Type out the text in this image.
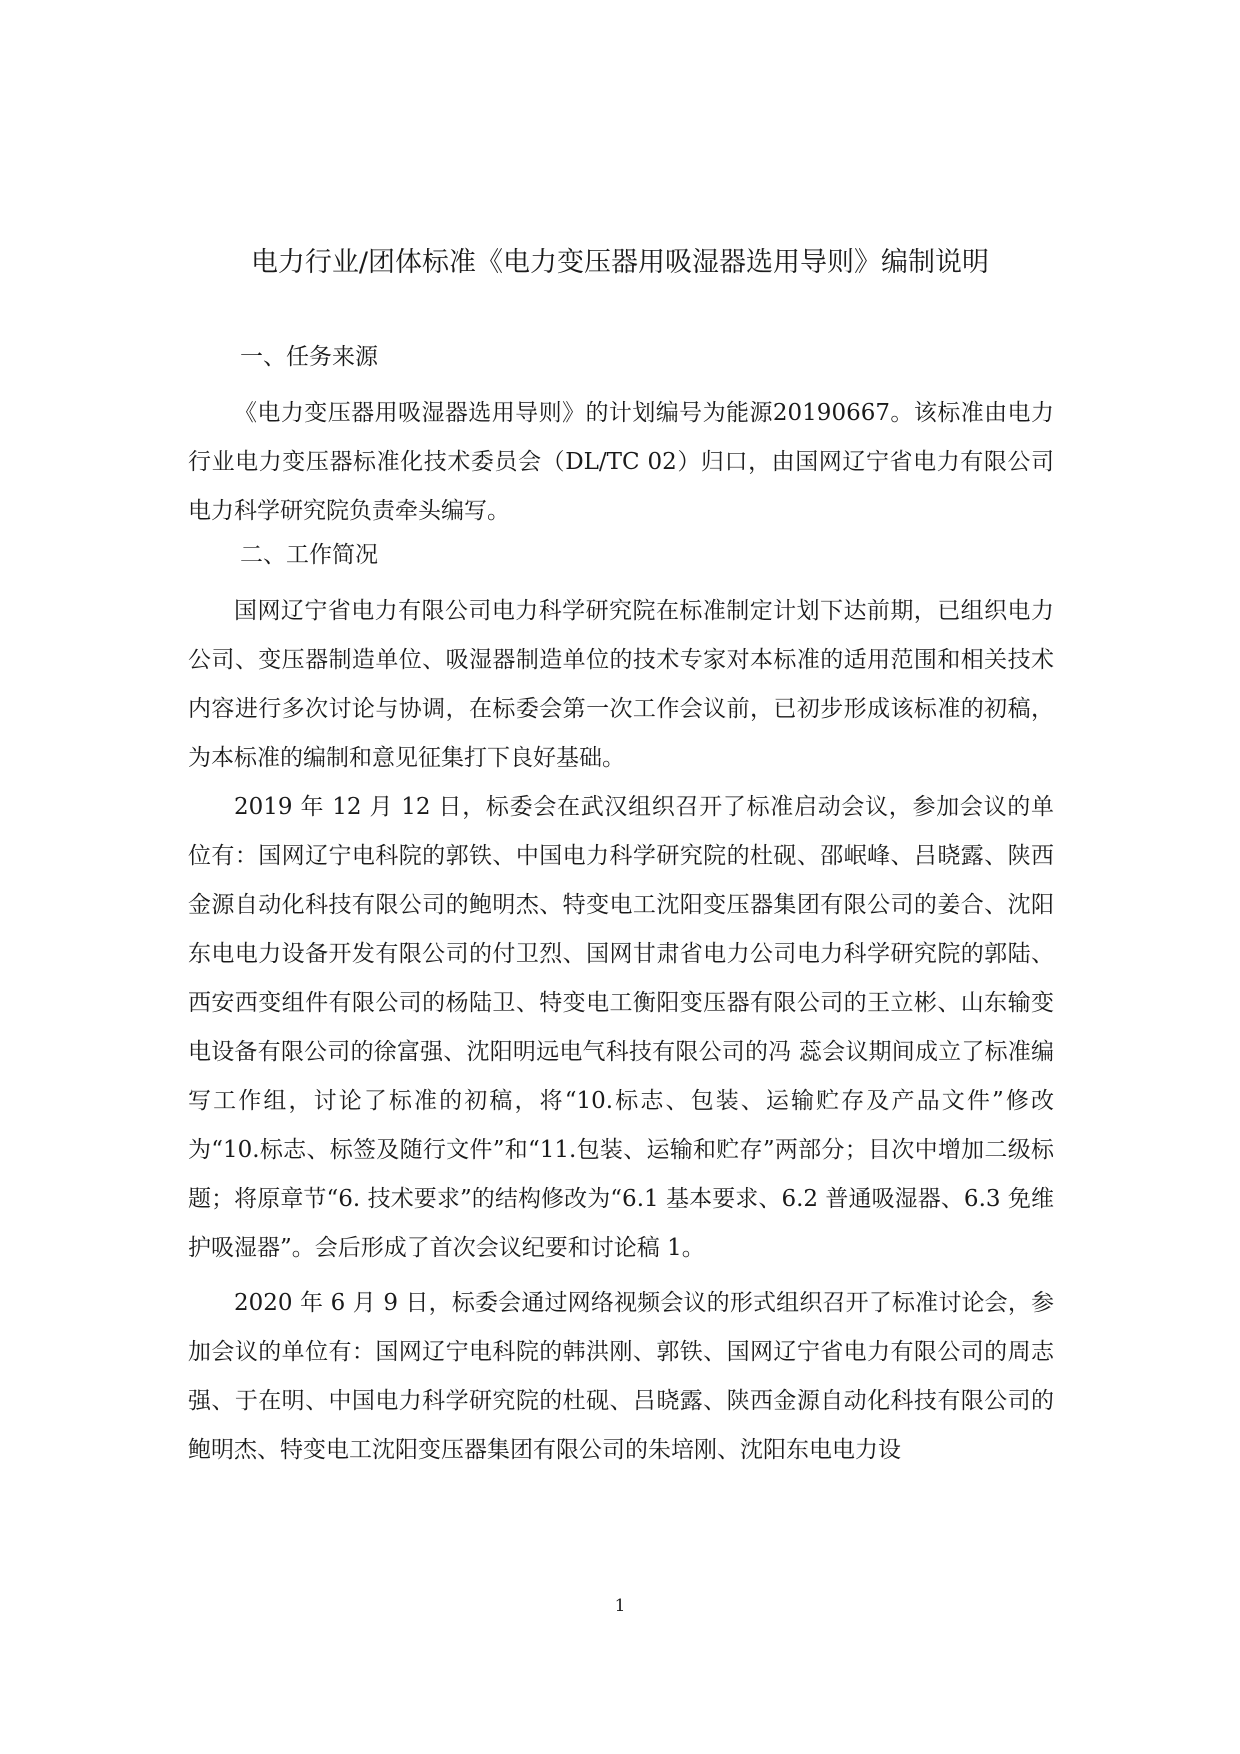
电力行业/团体标准《电力变压器用吸湿器选用导则》编制说明
一、任务来源

《电力变压器用吸湿器选用导则》的计划编号为能源20190667。该标准由电力行业电力变压器标准化技术委员会（DL/TC 02）归口，由国网辽宁省电力有限公司电力科学研究院负责牵头编写。

二、工作简况

国网辽宁省电力有限公司电力科学研究院在标准制定计划下达前期，已组织电力公司、变压器制造单位、吸湿器制造单位的技术专家对本标准的适用范围和相关技术内容进行多次讨论与协调，在标委会第一次工作会议前，已初步形成该标准的初稿，为本标准的编制和意见征集打下良好基础。

2019 年 12 月 12 日，标委会在武汉组织召开了标准启动会议，参加会议的单位有：国网辽宁电科院的郭铁、中国电力科学研究院的杜砚、邵岷峰、吕晓露、陕西金源自动化科技有限公司的鲍明杰、特变电工沈阳变压器集团有限公司的姜合、沈阳东电电力设备开发有限公司的付卫烈、国网甘肃省电力公司电力科学研究院的郭陆、西安西变组件有限公司的杨陆卫、特变电工衡阳变压器有限公司的王立彬、山东输变电设备有限公司的徐富强、沈阳明远电气科技有限公司的冯 蕊会议期间成立了标准编写工作组，讨论了标准的初稿，将“10.标志、包装、运输贮存及产品文件”修改为“10.标志、标签及随行文件”和“11.包装、运输和贮存”两部分；目次中增加二级标题；将原章节“6. 技术要求”的结构修改为“6.1 基本要求、6.2 普通吸湿器、6.3 免维护吸湿器”。会后形成了首次会议纪要和讨论稿 1。

2020 年 6 月 9 日，标委会通过网络视频会议的形式组织召开了标准讨论会，参加会议的单位有：国网辽宁电科院的韩洪刚、郭铁、国网辽宁省电力有限公司的周志强、于在明、中国电力科学研究院的杜砚、吕晓露、陕西金源自动化科技有限公司的鲍明杰、特变电工沈阳变压器集团有限公司的朱培刚、沈阳东电电力设

1
